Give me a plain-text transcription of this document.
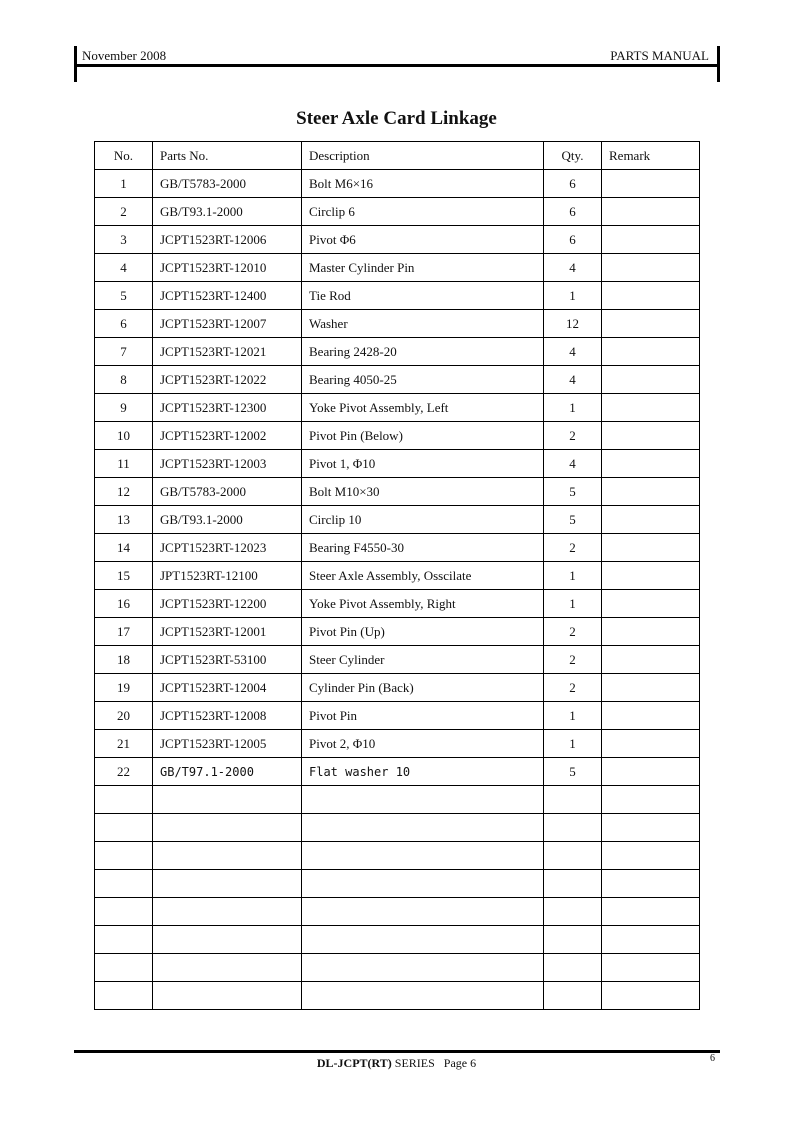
November 2008	PARTS MANUAL
Steer Axle Card Linkage
No.	Parts No.	Description	Qty.	Remark
1	GB/T5783-2000	Bolt M6×16	6	
2	GB/T93.1-2000	Circlip 6	6	
3	JCPT1523RT-12006	Pivot Φ6	6	
4	JCPT1523RT-12010	Master Cylinder Pin	4	
5	JCPT1523RT-12400	Tie Rod	1	
6	JCPT1523RT-12007	Washer	12	
7	JCPT1523RT-12021	Bearing 2428-20	4	
8	JCPT1523RT-12022	Bearing 4050-25	4	
9	JCPT1523RT-12300	Yoke Pivot Assembly, Left	1	
10	JCPT1523RT-12002	Pivot Pin (Below)	2	
11	JCPT1523RT-12003	Pivot 1, Φ10	4	
12	GB/T5783-2000	Bolt M10×30	5	
13	GB/T93.1-2000	Circlip 10	5	
14	JCPT1523RT-12023	Bearing F4550-30	2	
15	JPT1523RT-12100	Steer Axle Assembly, Osscilate	1	
16	JCPT1523RT-12200	Yoke Pivot Assembly, Right	1	
17	JCPT1523RT-12001	Pivot Pin (Up)	2	
18	JCPT1523RT-53100	Steer Cylinder	2	
19	JCPT1523RT-12004	Cylinder Pin (Back)	2	
20	JCPT1523RT-12008	Pivot Pin	1	
21	JCPT1523RT-12005	Pivot 2, Φ10	1	
22	GB/T97.1-2000	Flat washer 10	5	

DL-JCPT(RT) SERIES Page 6	6
